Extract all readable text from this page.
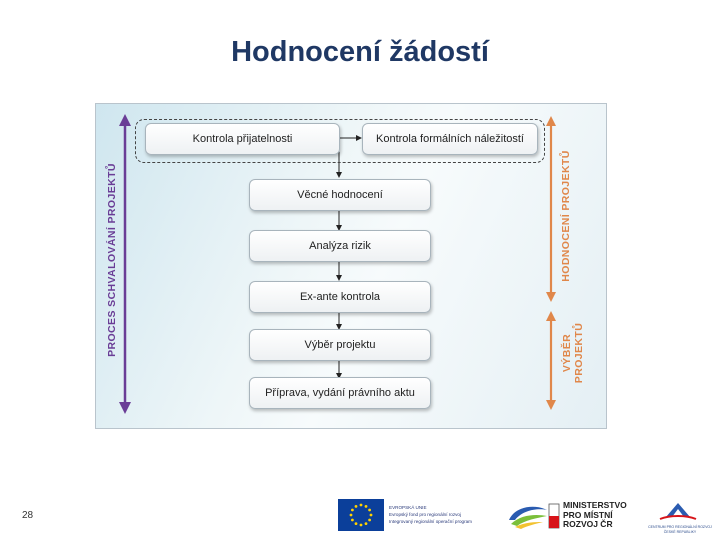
Hodnocení žádostí
Kontrola přijatelnosti	Kontrola formálních náležitostí
Věcné hodnocení
Analýza rizik
Ex-ante kontrola
Výběr projektu
Příprava, vydání právního aktu
PROCES SCHVALOVÁNÍ PROJEKTŮ	HODNOCENÍ PROJEKTŮ
VÝBĚR PROJEKTŮ
28
EVROPSKÁ UNIE
Evropský fond pro regionální rozvoj
Integrovaný regionální operační program
MINISTERSTVO
PRO MÍSTNÍ
ROZVOJ ČR	CENTRUM PRO REGIONÁLNÍ ROZVOJ
ČESKÉ REPUBLIKY
